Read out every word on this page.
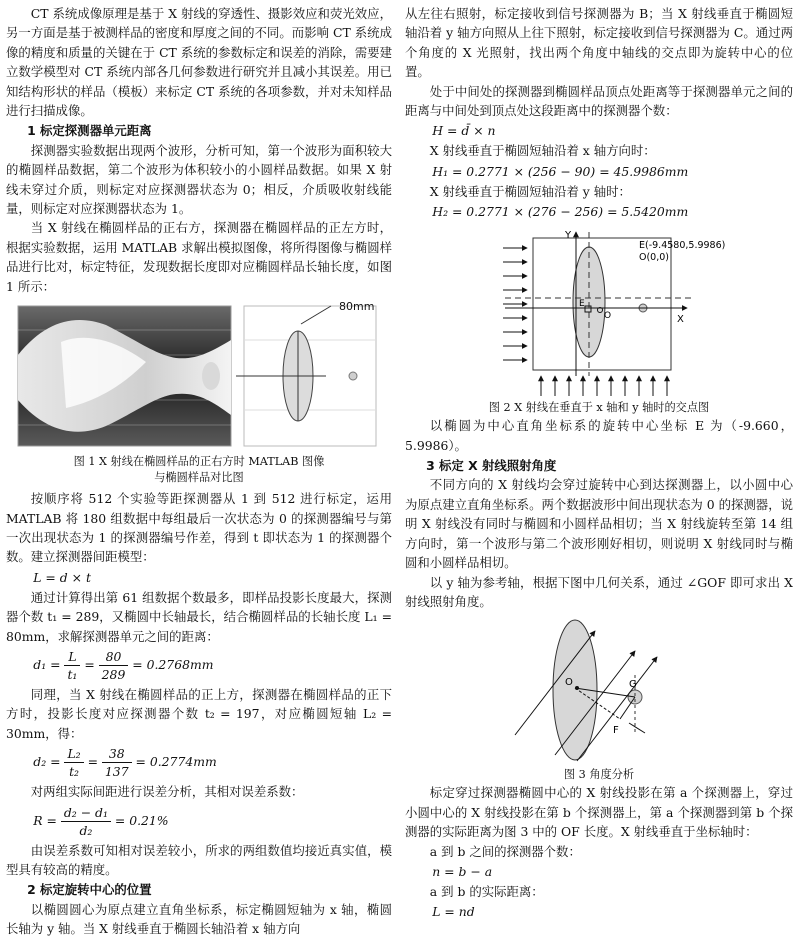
CT 系统成像原理是基于 X 射线的穿透性、摄影效应和荧光效应，另一方面是基于被测样品的密度和厚度之间的不同。而影响 CT 系统成像的精度和质量的关键在于 CT 系统的参数标定和误差的消除，需要建立数学模型对 CT 系统内部各几何参数进行研究并且减小其误差。用已知结构形状的样品（模板）来标定 CT 系统的各项参数，并对未知样品进行扫描成像。

1 标定探测器单元距离

探测器实验数据出现两个波形，分析可知，第一个波形为面积较大的椭圆样品数据，第二个波形为体积较小的小圆样品数据。如果 X 射线未穿过介质，则标定对应探测器状态为 0；相反，介质吸收射线能量，则标定对应探测器状态为 1。

当 X 射线在椭圆样品的正右方，探测器在椭圆样品的正左方时，根据实验数据，运用 MATLAB 求解出模拟图像，将所得图像与椭圆样品进行比对，标定特征，发现数据长度即对应椭圆样品长轴长度，如图 1 所示：

80mm
图 1 X 射线在椭圆样品的正右方时 MATLAB 图像
与椭圆样品对比图

按顺序将 512 个实验等距探测器从 1 到 512 进行标定，运用 MATLAB 将 180 组数据中每组最后一次状态为 0 的探测器编号与第一次出现状态为 1 的探测器编号作差，得到 t 即状态为 1 的探测器个数。建立探测器间距模型：

L = d × t

通过计算得出第 61 组数据个数最多，即样品投影长度最大，探测器个数 t₁ = 289，又椭圆中长轴最长，结合椭圆样品的长轴长度 L₁ = 80mm，求解探测器单元之间的距离：

$d_1 = \frac{L}{\text{t₁}} = \frac{80}{289} = 0.2768mm$

同理，当 X 射线在椭圆样品的正上方，探测器在椭圆样品的正下方时，投影长度对应探测器个数 t₂ = 197，对应椭圆短轴 L₂ = 30mm，得：

$d_2 = \frac{\text{L₂}}{\text{t₂}} = \frac{38}{137} = 0.2774mm$

对两组实际间距进行误差分析，其相对误差系数：

$R = \frac{\text{d₂ − d₁}}{\text{d₂}} = 0.21\%$

由误差系数可知相对误差较小，所求的两组数值均接近真实值，模型具有较高的精度。

2 标定旋转中心的位置

以椭圆圆心为原点建立直角坐标系，标定椭圆短轴为 x 轴，椭圆长轴为 y 轴。当 X 射线垂直于椭圆长轴沿着 x 轴方向

从左往右照射，标定接收到信号探测器为 B；当 X 射线垂直于椭圆短轴沿着 y 轴方向照从上往下照射，标定接收到信号探测器为 C。通过两个角度的 X 光照射，找出两个角度中轴线的交点即为旋转中心的位置。

处于中间处的探测器到椭圆样品顶点处距离等于探测器单元之间的距离与中间处到顶点处这段距离中的探测器个数：

H = d̄ × n

X 射线垂直于椭圆短轴沿着 x 轴方向时：

H₁ = 0.2771 × (256 − 90) = 45.9986mm

X 射线垂直于椭圆短轴沿着 y 轴时：

H₂ = 0.2771 × (276 − 256) = 5.5420mm
Y
X
E
O
E(-9.4580,5.9986)
O(0,0)
图 2 X 射线在垂直于 x 轴和 y 轴时的交点图

以椭圆为中心直角坐标系的旋转中心坐标 E 为（-9.660，5.9986）。

3 标定 X 射线照射角度

不同方向的 X 射线均会穿过旋转中心到达探测器上，以小圆中心为原点建立直角坐标系。两个数据波形中间出现状态为 0 的探测器，说明 X 射线没有同时与椭圆和小圆样品相切；当 X 射线旋转至第 14 组方向时，第一个波形与第二个波形刚好相切，则说明 X 射线同时与椭圆和小圆样品相切。

以 y 轴为参考轴，根据下图中几何关系，通过 ∠GOF 即可求出 X 射线照射角度。

O	G
F
图 3 角度分析

标定穿过探测器椭圆中心的 X 射线投影在第 a 个探测器上，穿过小圆中心的 X 射线投影在第 b 个探测器上，第 a 个探测器到第 b 个探测器的实际距离为图 3 中的 OF 长度。X 射线垂直于坐标轴时：

a 到 b 之间的探测器个数：

n = b − a

a 到 b 的实际距离：

L = nd
